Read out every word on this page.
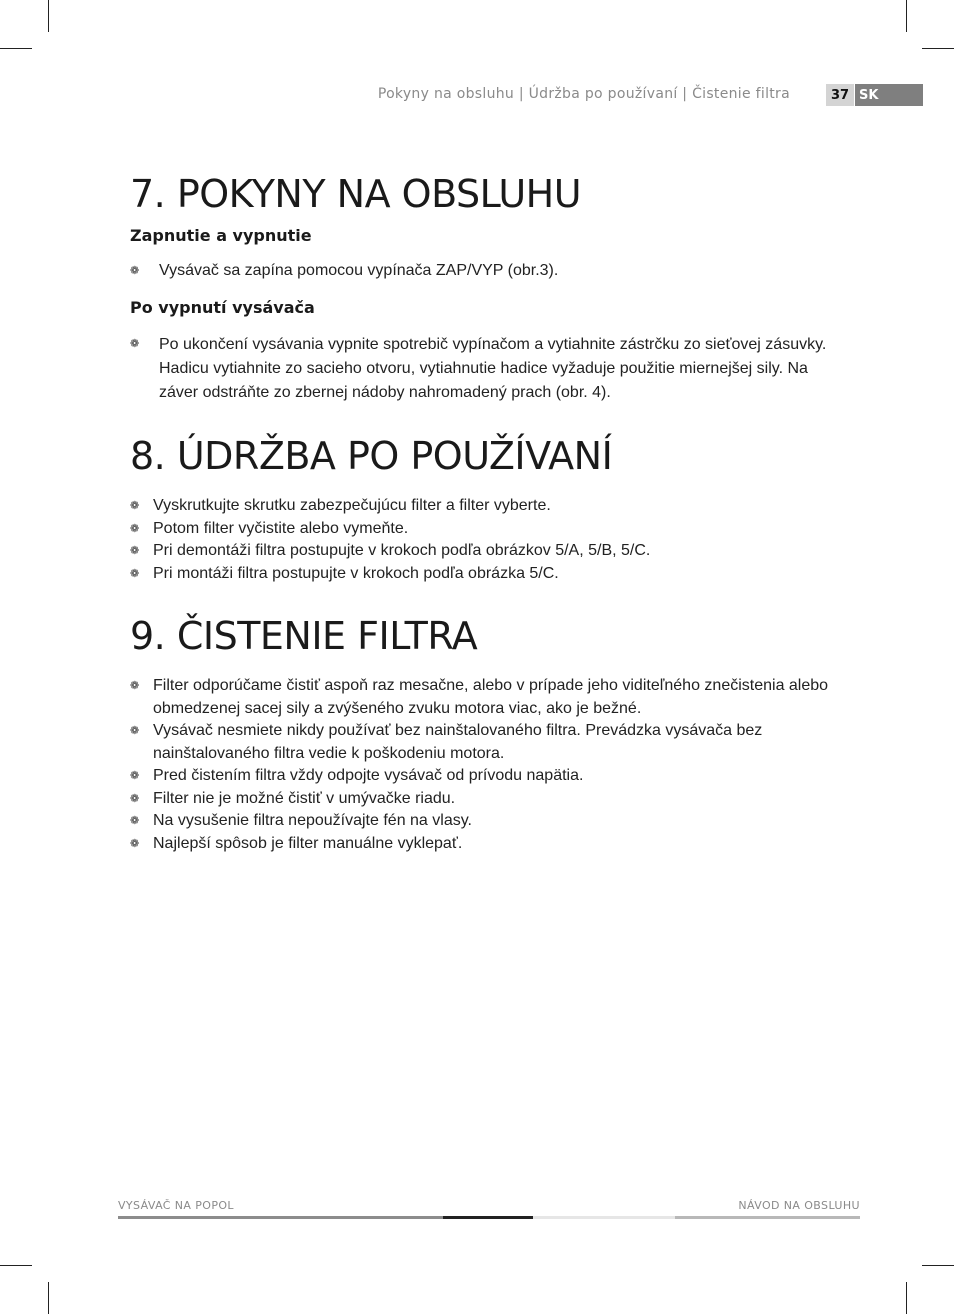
Pokyny na obsluhu | Údržba po používaní | Čistenie filtra	37 SK
7. POKYNY NA OBSLUHU
Zapnutie a vypnutie
❁ Vysávač sa zapína pomocou vypínača ZAP/VYP (obr.3).
Po vypnutí vysávača
❁ Po ukončení vysávania vypnite spotrebič vypínačom a vytiahnite zástrčku zo sieťovej zásuvky. Hadicu vytiahnite zo sacieho otvoru, vytiahnutie hadice vyžaduje použitie miernejšej sily. Na záver odstráňte zo zbernej nádoby nahromadený prach (obr. 4).
8. ÚDRŽBA PO POUŽÍVANÍ
❁ Vyskrutkujte skrutku zabezpečujúcu filter a filter vyberte.
❁ Potom filter vyčistite alebo vymeňte.
❁ Pri demontáži filtra postupujte v krokoch podľa obrázkov 5/A, 5/B, 5/C.
❁ Pri montáži filtra postupujte v krokoch podľa obrázka 5/C.
9. ČISTENIE FILTRA
❁ Filter odporúčame čistiť aspoň raz mesačne, alebo v prípade jeho viditeľného znečistenia alebo obmedzenej sacej sily a zvýšeného zvuku motora viac, ako je bežné.
❁ Vysávač nesmiete nikdy používať bez nainštalovaného filtra. Prevádzka vysávača bez nainštalovaného filtra vedie k poškodeniu motora.
❁ Pred čistením filtra vždy odpojte vysávač od prívodu napätia.
❁ Filter nie je možné čistiť v umývačke riadu.
❁ Na vysušenie filtra nepoužívajte fén na vlasy.
❁ Najlepší spôsob je filter manuálne vyklepať.
VYSÁVAČ NA POPOL	NÁVOD NA OBSLUHU
